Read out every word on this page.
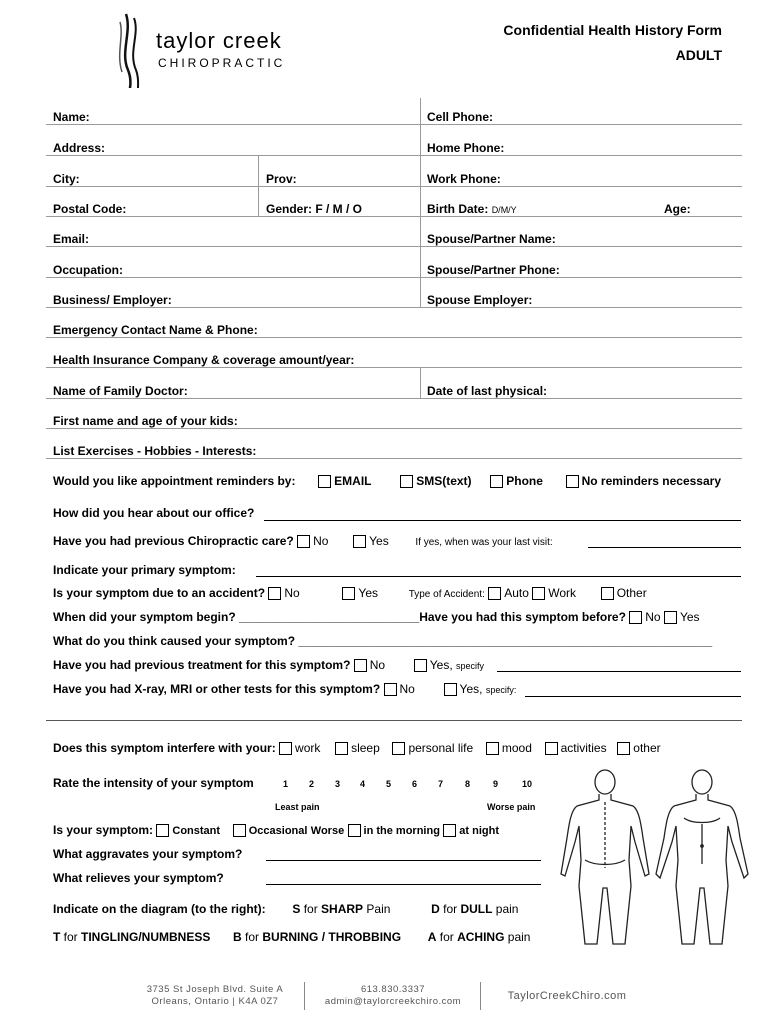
taylor creek
CHIROPRACTIC
Confidential Health History Form
ADULT
Name:	Cell Phone:
Address:	Home Phone:
City:	Prov:	Work Phone:
Postal Code:	Gender: F / M / O	Birth Date: D/M/Y	Age:
Email:	Spouse/Partner Name:
Occupation:	Spouse/Partner Phone:
Business/ Employer:	Spouse Employer:
Emergency Contact Name & Phone:
Health Insurance Company & coverage amount/year:
Name of Family Doctor:	Date of last physical:
First name and age of your kids:
List Exercises - Hobbies - Interests:
Would you like appointment reminders by:	EMAIL	SMS(text)	Phone	No reminders necessary
How did you hear about our office?
Have you had previous Chiropractic care? No	Yes	If yes, when was your last visit:
Indicate your primary symptom:
Is your symptom due to an accident? No	Yes	Type of Accident: Auto Work	Other
When did your symptom begin? ___________________________Have you had this symptom before? No Yes
What do you think caused your symptom? ______________________________________________________________
Have you had previous treatment for this symptom? No	Yes, specify
Have you had X-ray, MRI or other tests for this symptom? No	Yes, specify:
Does this symptom interfere with your: work	sleep personal life mood activities other
Rate the intensity of your symptom	1 2 3 4 5 6 7 8	9	10
Least pain	Worse pain
Is your symptom: Constant	Occasional Worse in the morning at night
What aggravates your symptom?
What relieves your symptom?
Indicate on the diagram (to the right): S for SHARP Pain	D for DULL pain
T for TINGLING/NUMBNESS B for BURNING / THROBBING A for ACHING pain
3735 St Joseph Blvd. Suite A
Orleans, Ontario | K4A 0Z7
613.830.3337
admin@taylorcreekchiro.com	TaylorCreekChiro.com
